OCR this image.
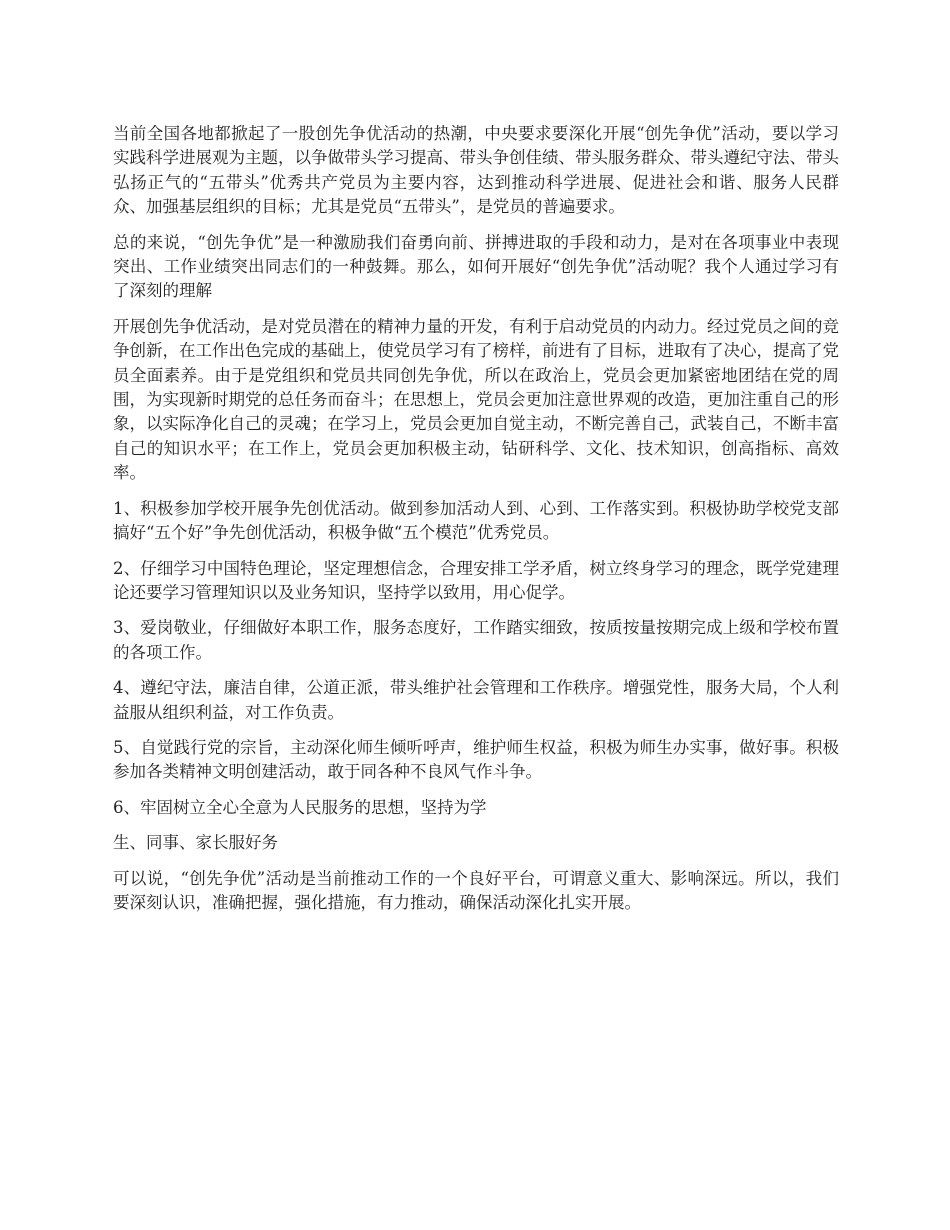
当前全国各地都掀起了一股创先争优活动的热潮，中央要求要深化开展“创先争优”活动，要以学习实践科学进展观为主题，以争做带头学习提高、带头争创佳绩、带头服务群众、带头遵纪守法、带头弘扬正气的“五带头”优秀共产党员为主要内容，达到推动科学进展、促进社会和谐、服务人民群众、加强基层组织的目标；尤其是党员“五带头”，是党员的普遍要求。

总的来说，“创先争优”是一种激励我们奋勇向前、拼搏进取的手段和动力，是对在各项事业中表现突出、工作业绩突出同志们的一种鼓舞。那么，如何开展好“创先争优”活动呢？我个人通过学习有了深刻的理解

开展创先争优活动，是对党员潜在的精神力量的开发，有利于启动党员的内动力。经过党员之间的竞争创新，在工作出色完成的基础上，使党员学习有了榜样，前进有了目标，进取有了决心，提高了党员全面素养。由于是党组织和党员共同创先争优，所以在政治上，党员会更加紧密地团结在党的周围，为实现新时期党的总任务而奋斗；在思想上，党员会更加注意世界观的改造，更加注重自己的形象，以实际净化自己的灵魂；在学习上，党员会更加自觉主动，不断完善自己，武装自己，不断丰富自己的知识水平；在工作上，党员会更加积极主动，钻研科学、文化、技术知识，创高指标、高效率。

1、积极参加学校开展争先创优活动。做到参加活动人到、心到、工作落实到。积极协助学校党支部搞好“五个好”争先创优活动，积极争做“五个模范”优秀党员。

2、仔细学习中国特色理论，坚定理想信念，合理安排工学矛盾，树立终身学习的理念，既学党建理论还要学习管理知识以及业务知识，坚持学以致用，用心促学。

3、爱岗敬业，仔细做好本职工作，服务态度好，工作踏实细致，按质按量按期完成上级和学校布置的各项工作。

4、遵纪守法，廉洁自律，公道正派，带头维护社会管理和工作秩序。增强党性，服务大局，个人利益服从组织利益，对工作负责。

5、自觉践行党的宗旨，主动深化师生倾听呼声，维护师生权益，积极为师生办实事，做好事。积极参加各类精神文明创建活动，敢于同各种不良风气作斗争。

6、牢固树立全心全意为人民服务的思想，坚持为学

生、同事、家长服好务

可以说，“创先争优”活动是当前推动工作的一个良好平台，可谓意义重大、影响深远。所以，我们要深刻认识，准确把握，强化措施，有力推动，确保活动深化扎实开展。
